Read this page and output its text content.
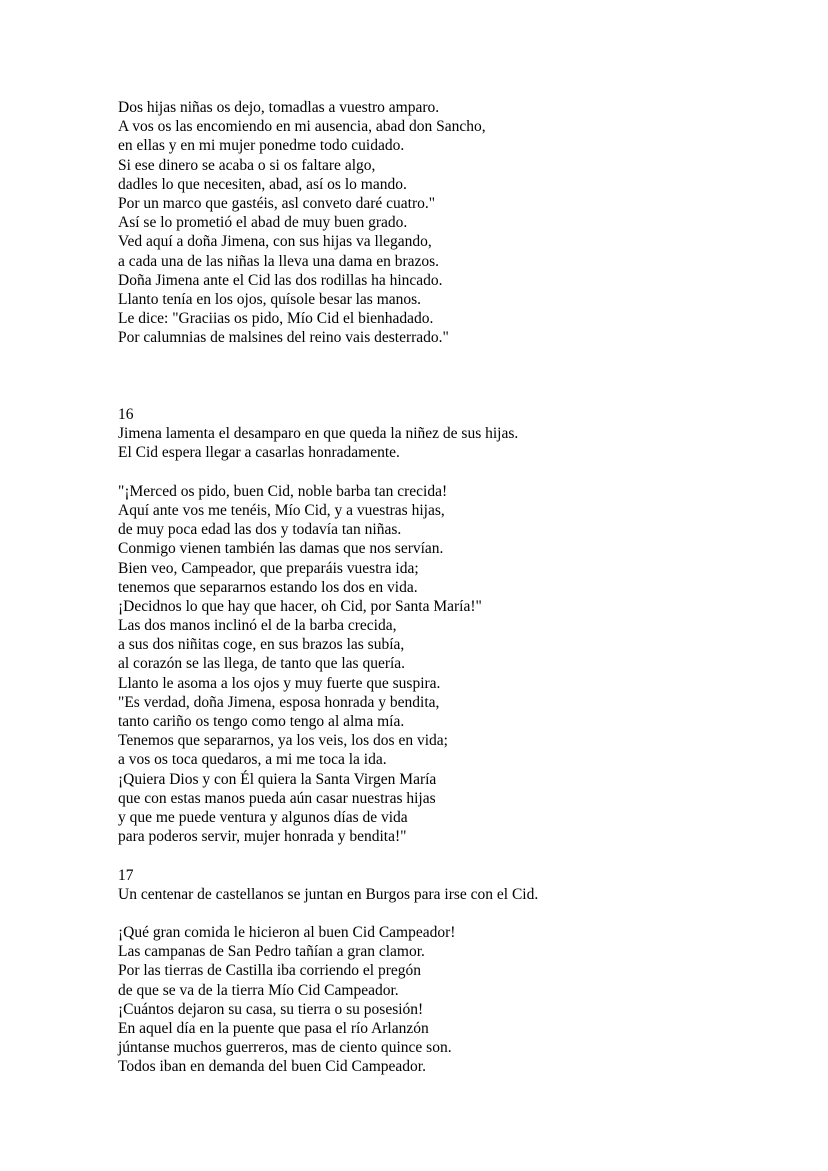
Dos hijas niñas os dejo, tomadlas a vuestro amparo.
A vos os las encomiendo en mi ausencia, abad don Sancho,
en ellas y en mi mujer ponedme todo cuidado.
Si ese dinero se acaba o si os faltare algo,
dadles lo que necesiten, abad, así os lo mando.
Por un marco que gastéis, asl conveto daré cuatro."
Así se lo prometió el abad de muy buen grado.
Ved aquí a doña Jimena, con sus hijas va llegando,
a cada una de las niñas la lleva una dama en brazos.
Doña Jimena ante el Cid las dos rodillas ha hincado.
Llanto tenía en los ojos, quísole besar las manos.
Le dice: "Graciias os pido, Mío Cid el bienhadado.
Por calumnias de malsines del reino vais desterrado."
16
Jimena lamenta el desamparo en que queda la niñez de sus hijas.
El Cid espera llegar a casarlas honradamente.
"¡Merced os pido, buen Cid, noble barba tan crecida!
Aquí ante vos me tenéis, Mío Cid, y a vuestras hijas,
de muy poca edad las dos y todavía tan niñas.
Conmigo vienen también las damas que nos servían.
Bien veo, Campeador, que preparáis vuestra ida;
tenemos que separarnos estando los dos en vida.
¡Decidnos lo que hay que hacer, oh Cid, por Santa María!"
Las dos manos inclinó el de la barba crecida,
a sus dos niñitas coge, en sus brazos las subía,
al corazón se las llega, de tanto que las quería.
Llanto le asoma a los ojos y muy fuerte que suspira.
"Es verdad, doña Jimena, esposa honrada y bendita,
tanto cariño os tengo como tengo al alma mía.
Tenemos que separarnos, ya los veis, los dos en vida;
a vos os toca quedaros, a mi me toca la ida.
¡Quiera Dios y con Él quiera la Santa Virgen María
que con estas manos pueda aún casar nuestras hijas
y que me puede ventura y algunos días de vida
para poderos servir, mujer honrada y bendita!"
17
Un centenar de castellanos se juntan en Burgos para irse con el Cid.
¡Qué gran comida le hicieron al buen Cid Campeador!
Las campanas de San Pedro tañían a gran clamor.
Por las tierras de Castilla iba corriendo el pregón
de que se va de la tierra Mío Cid Campeador.
¡Cuántos dejaron su casa, su tierra o su posesión!
En aquel día en la puente que pasa el río Arlanzón
júntanse muchos guerreros, mas de ciento quince son.
Todos iban en demanda del buen Cid Campeador.
